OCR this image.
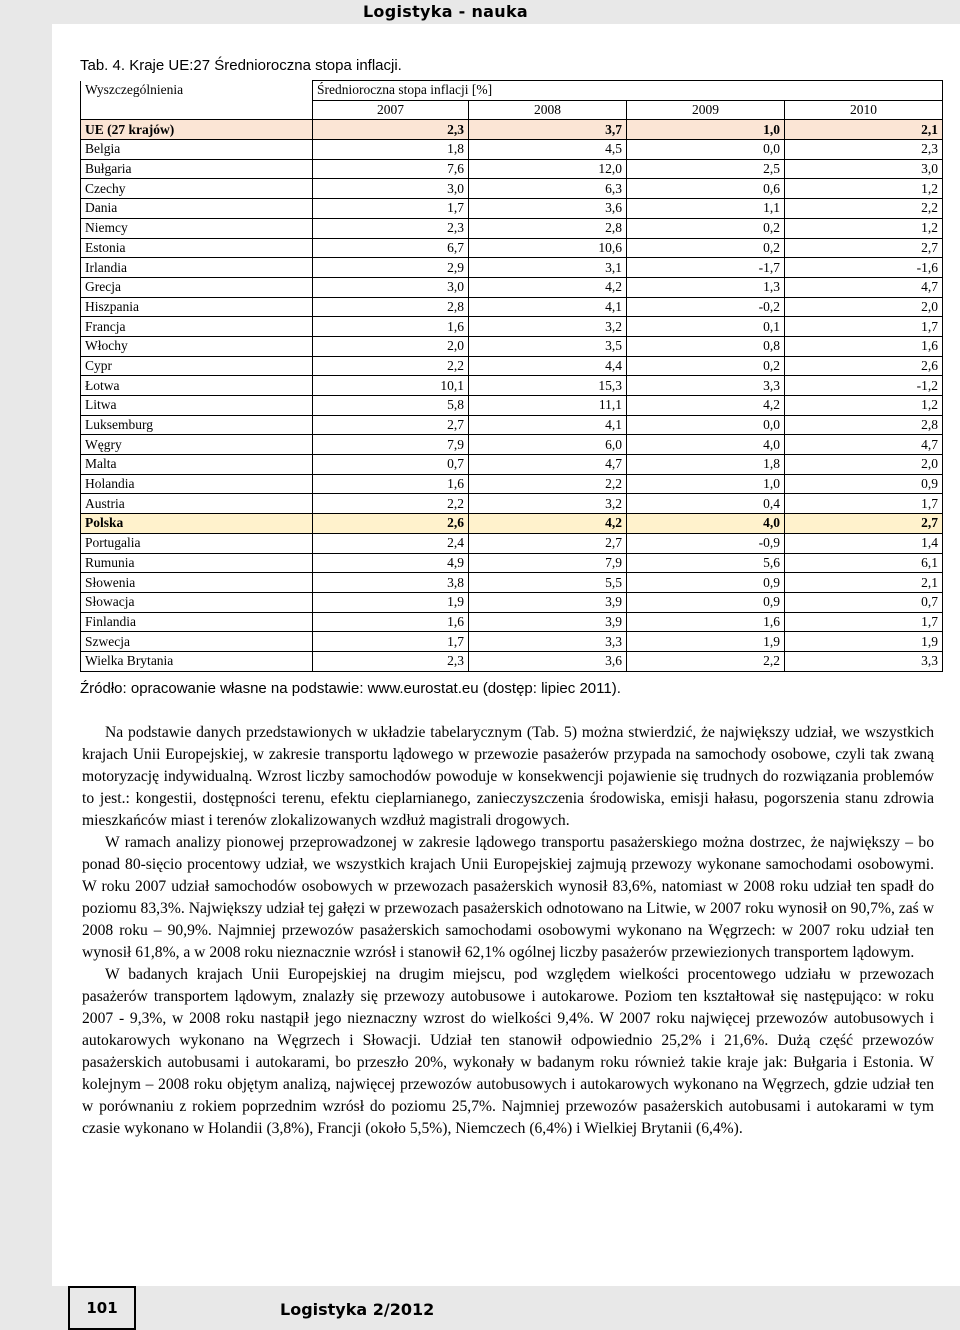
Logistyka - nauka
Tab. 4. Kraje UE:27 Średnioroczna stopa inflacji.
Wyszczególnienia	Średnioroczna stopa inflacji [%]			
	2007	2008	2009	2010
UE (27 krajów)	2,3	3,7	1,0	2,1
Belgia	1,8	4,5	0,0	2,3
Bułgaria	7,6	12,0	2,5	3,0
Czechy	3,0	6,3	0,6	1,2
Dania	1,7	3,6	1,1	2,2
Niemcy	2,3	2,8	0,2	1,2
Estonia	6,7	10,6	0,2	2,7
Irlandia	2,9	3,1	-1,7	-1,6
Grecja	3,0	4,2	1,3	4,7
Hiszpania	2,8	4,1	-0,2	2,0
Francja	1,6	3,2	0,1	1,7
Włochy	2,0	3,5	0,8	1,6
Cypr	2,2	4,4	0,2	2,6
Łotwa	10,1	15,3	3,3	-1,2
Litwa	5,8	11,1	4,2	1,2
Luksemburg	2,7	4,1	0,0	2,8
Węgry	7,9	6,0	4,0	4,7
Malta	0,7	4,7	1,8	2,0
Holandia	1,6	2,2	1,0	0,9
Austria	2,2	3,2	0,4	1,7
Polska	2,6	4,2	4,0	2,7
Portugalia	2,4	2,7	-0,9	1,4
Rumunia	4,9	7,9	5,6	6,1
Słowenia	3,8	5,5	0,9	2,1
Słowacja	1,9	3,9	0,9	0,7
Finlandia	1,6	3,9	1,6	1,7
Szwecja	1,7	3,3	1,9	1,9
Wielka Brytania	2,3	3,6	2,2	3,3
Źródło: opracowanie własne na podstawie: www.eurostat.eu (dostęp: lipiec 2011).

Na podstawie danych przedstawionych w układzie tabelarycznym (Tab. 5) można stwierdzić, że największy udział, we wszystkich krajach Unii Europejskiej, w zakresie transportu lądowego w przewozie pasażerów przypada na samochody osobowe, czyli tak zwaną motoryzację indywidualną. Wzrost liczby samochodów powoduje w konsekwencji pojawienie się trudnych do rozwiązania problemów to jest.: kongestii, dostępności terenu, efektu cieplarnianego, zanieczyszczenia środowiska, emisji hałasu, pogorszenia stanu zdrowia mieszkańców miast i terenów zlokalizowanych wzdłuż magistrali drogowych.

W ramach analizy pionowej przeprowadzonej w zakresie lądowego transportu pasażerskiego można dostrzec, że największy – bo ponad 80-sięcio procentowy udział, we wszystkich krajach Unii Europejskiej zajmują przewozy wykonane samochodami osobowymi. W roku 2007 udział samochodów osobowych w przewozach pasażerskich wynosił 83,6%, natomiast w 2008 roku udział ten spadł do poziomu 83,3%. Największy udział tej gałęzi w przewozach pasażerskich odnotowano na Litwie, w 2007 roku wynosił on 90,7%, zaś w 2008 roku – 90,9%. Najmniej przewozów pasażerskich samochodami osobowymi wykonano na Węgrzech: w 2007 roku udział ten wynosił 61,8%, a w 2008 roku nieznacznie wzrósł i stanowił 62,1% ogólnej liczby pasażerów przewiezionych transportem lądowym.

W badanych krajach Unii Europejskiej na drugim miejscu, pod względem wielkości procentowego udziału w przewozach pasażerów transportem lądowym, znalazły się przewozy autobusowe i autokarowe. Poziom ten kształtował się następująco: w roku 2007 - 9,3%, w 2008 roku nastąpił jego nieznaczny wzrost do wielkości 9,4%. W 2007 roku najwięcej przewozów autobusowych i autokarowych wykonano na Węgrzech i Słowacji. Udział ten stanowił odpowiednio 25,2% i 21,6%. Dużą część przewozów pasażerskich autobusami i autokarami, bo przeszło 20%, wykonały w badanym roku również takie kraje jak: Bułgaria i Estonia. W kolejnym – 2008 roku objętym analizą, najwięcej przewozów autobusowych i autokarowych wykonano na Węgrzech, gdzie udział ten w porównaniu z rokiem poprzednim wzrósł do poziomu 25,7%. Najmniej przewozów pasażerskich autobusami i autokarami w tym czasie wykonano w Holandii (3,8%), Francji (około 5,5%), Niemczech (6,4%) i Wielkiej Brytanii (6,4%).

101	Logistyka 2/2012
